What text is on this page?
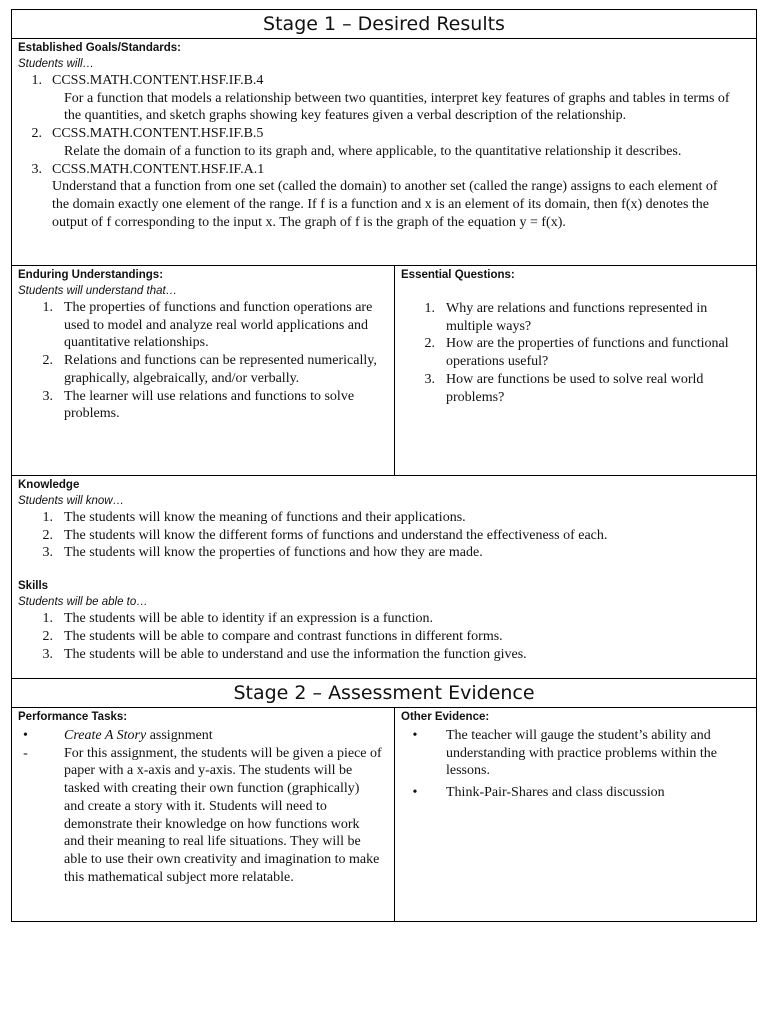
Stage 1 – Desired Results
Established Goals/Standards:
Students will…
1. CCSS.MATH.CONTENT.HSF.IF.B.4
For a function that models a relationship between two quantities, interpret key features of graphs and tables in terms of the quantities, and sketch graphs showing key features given a verbal description of the relationship.
2. CCSS.MATH.CONTENT.HSF.IF.B.5
Relate the domain of a function to its graph and, where applicable, to the quantitative relationship it describes.
3. CCSS.MATH.CONTENT.HSF.IF.A.1
Understand that a function from one set (called the domain) to another set (called the range) assigns to each element of the domain exactly one element of the range. If f is a function and x is an element of its domain, then f(x) denotes the output of f corresponding to the input x. The graph of f is the graph of the equation y = f(x).
Enduring Understandings:
Students will understand that…
1. The properties of functions and function operations are used to model and analyze real world applications and quantitative relationships.
2. Relations and functions can be represented numerically, graphically, algebraically, and/or verbally.
3. The learner will use relations and functions to solve problems.
Essential Questions:
1. Why are relations and functions represented in multiple ways?
2. How are the properties of functions and functional operations useful?
3. How are functions be used to solve real world problems?
Knowledge
Students will know…
1. The students will know the meaning of functions and their applications.
2. The students will know the different forms of functions and understand the effectiveness of each.
3. The students will know the properties of functions and how they are made.
Skills
Students will be able to…
1. The students will be able to identity if an expression is a function.
2. The students will be able to compare and contrast functions in different forms.
3. The students will be able to understand and use the information the function gives.
Stage 2 – Assessment Evidence
Performance Tasks:
•	Create A Story assignment
-	For this assignment, the students will be given a piece of paper with a x-axis and y-axis. The students will be tasked with creating their own function (graphically) and create a story with it. Students will need to demonstrate their knowledge on how functions work and their meaning to real life situations. They will be able to use their own creativity and imagination to make this mathematical subject more relatable.
Other Evidence:
•	The teacher will gauge the student’s ability and understanding with practice problems within the lessons.
•	Think-Pair-Shares and class discussion
